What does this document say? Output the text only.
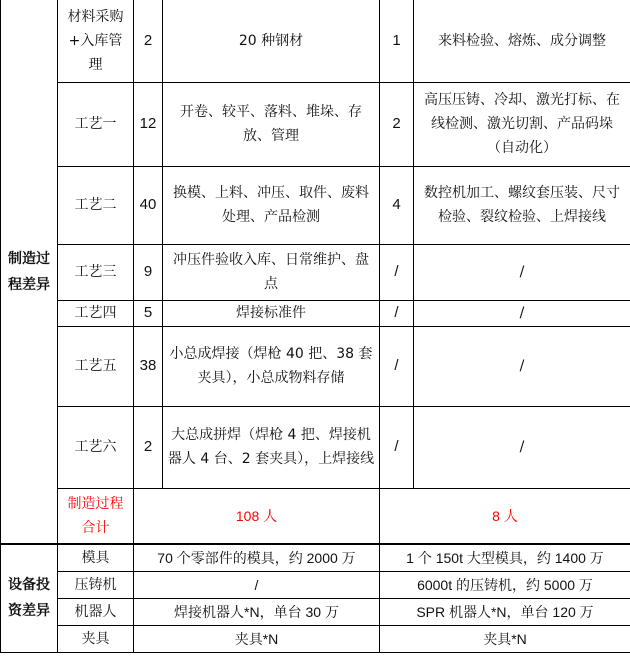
制造过程差异	材料采购+入库管理	2	20 种钢材	1	来料检验、熔炼、成分调整
	工艺一	12	开卷、较平、落料、堆垛、存放、管理	2	高压压铸、冷却、激光打标、在线检测、激光切割、产品码垛（自动化）
	工艺二	40	换模、上料、冲压、取件、废料处理、产品检测	4	数控机加工、螺纹套压装、尺寸检验、裂纹检验、上焊接线
	工艺三	9	冲压件验收入库、日常维护、盘点	/	/
	工艺四	5	焊接标准件	/	/
	工艺五	38	小总成焊接（焊枪 40 把、38 套夹具），小总成物料存储	/	/
	工艺六	2	大总成拼焊（焊枪 4 把、焊接机器人 4 台、2 套夹具），上焊接线	/	/
	制造过程合计	108 人		8 人	
设备投资差异	模具	70 个零部件的模具，约 2000 万		1 个 150t 大型模具，约 1400 万	
	压铸机	/		6000t 的压铸机，约 5000 万	
	机器人	焊接机器人*N，单台 30 万		SPR 机器人*N，单台 120 万	
	夹具	夹具*N		夹具*N	
